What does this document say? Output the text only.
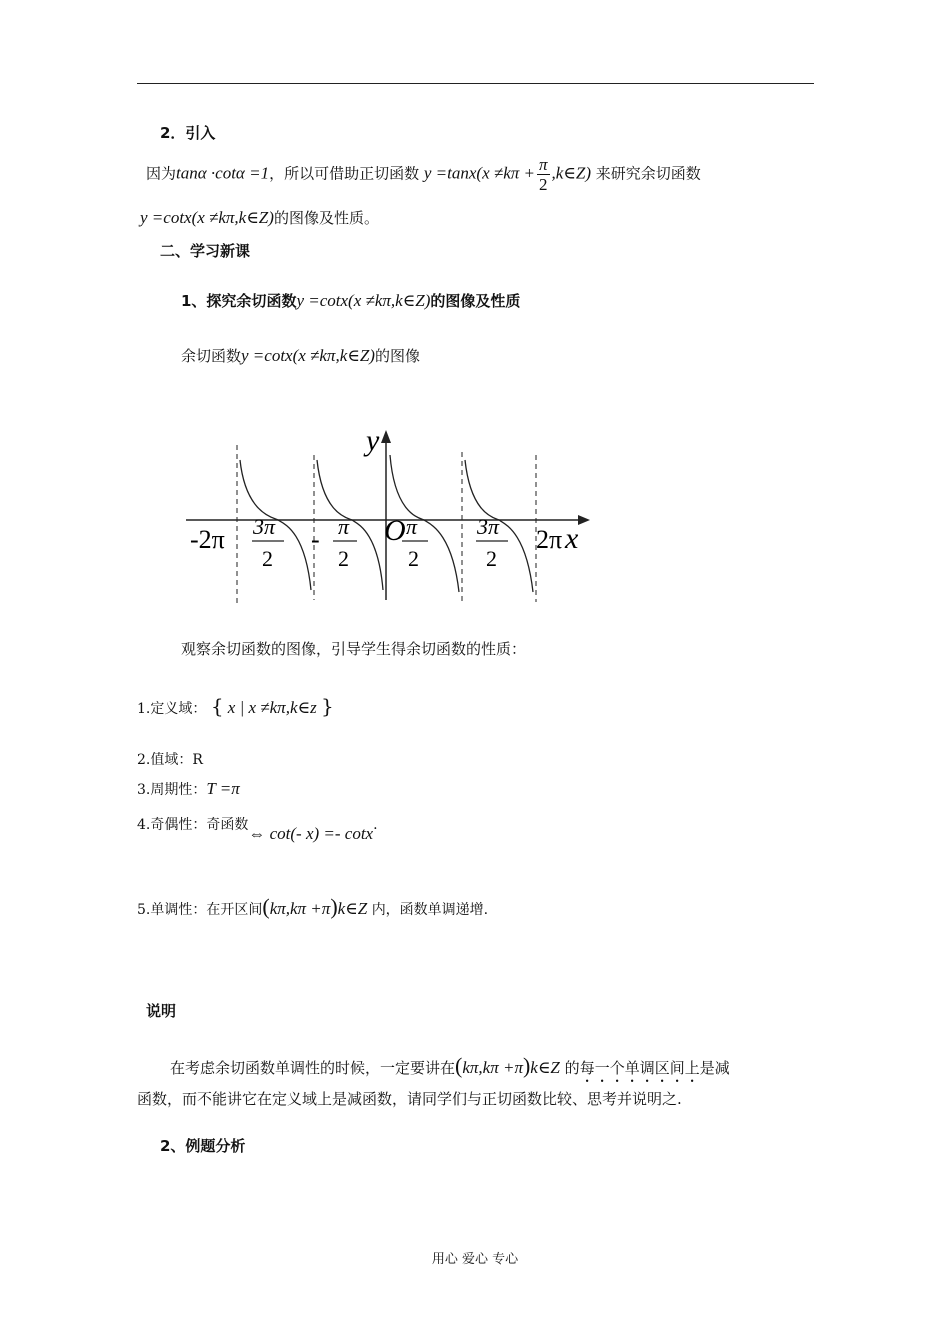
2．引入
因为tanα ·cotα =1，所以可借助正切函数 $y =\tan x(x \ne k\pi + \frac{\pi}{2}$ ,k∈Z) 来研究余切函数
y =cotx(x ≠kπ,k∈Z)的图像及性质。
二、学习新课
1、探究余切函数y =cotx(x ≠kπ,k∈Z)的图像及性质
余切函数y =cotx(x ≠kπ,k∈Z)的图像
y
x
O
-2π 3π
2
- π
2
π
2
3π
2
2π
观察余切函数的图像，引导学生得余切函数的性质：
1.定义域： { x | x ≠kπ,k∈z }
2.值域：R
3.周期性：T =π
4.奇偶性：奇函数⇔ cot(- x) =- cotx.
5.单调性：在开区间(kπ,kπ +π)k∈Z 内，函数单调递增.
说明
在考虑余切函数单调性的时候，一定要讲在(kπ,kπ +π)k∈Z 的每一个单调区间上是减
函数，而不能讲它在定义域上是减函数，请同学们与正切函数比较、思考并说明之.
2、例题分析
用心 爱心 专心
